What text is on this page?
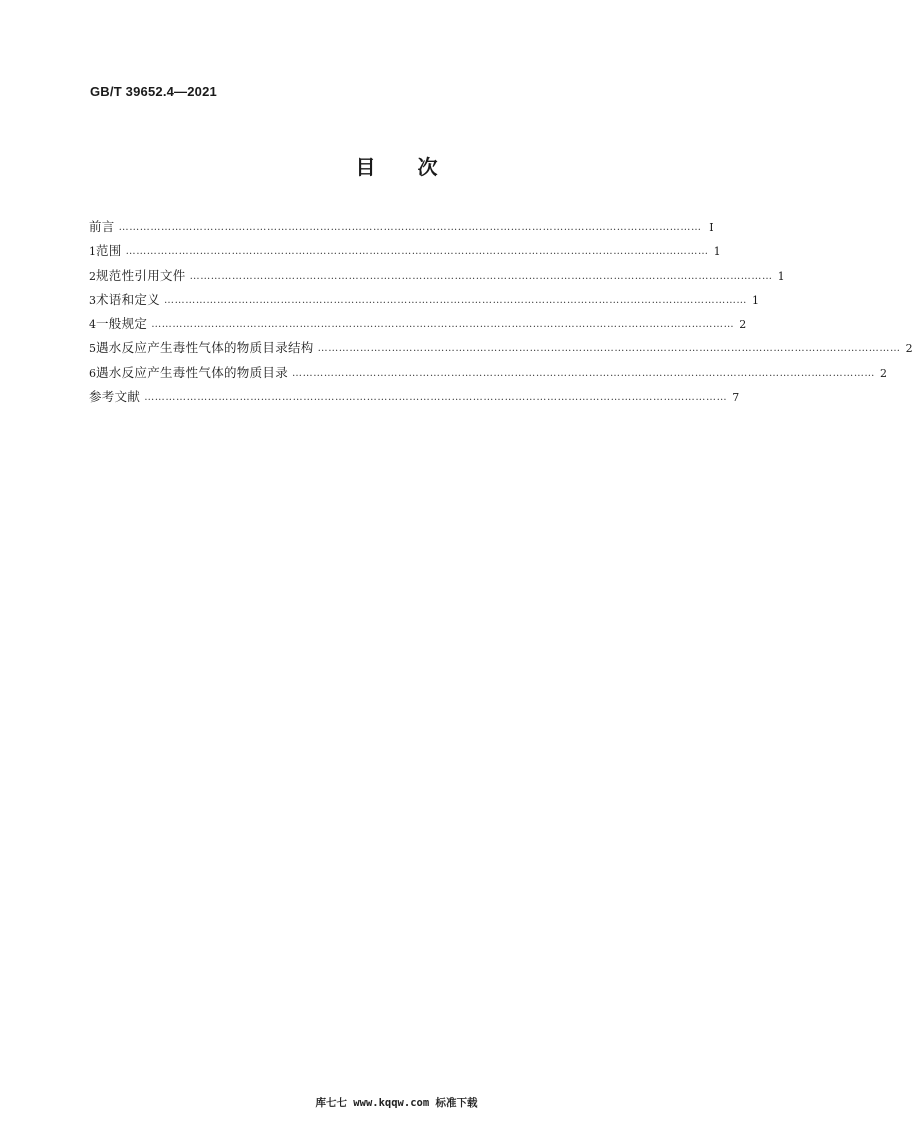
GB/T 39652.4—2021
目 次
前言 ………………………………………………………………………………………………………………………………………………… Ⅰ
1 范围 ………………………………………………………………………………………………………………………………………………… 1
2 规范性引用文件 ………………………………………………………………………………………………………………………………………………… 1
3 术语和定义 ………………………………………………………………………………………………………………………………………………… 1
4 一般规定 ………………………………………………………………………………………………………………………………………………… 2
5 遇水反应产生毒性气体的物质目录结构 ………………………………………………………………………………………………………………………………………………… 2
6 遇水反应产生毒性气体的物质目录 ………………………………………………………………………………………………………………………………………………… 2
参考文献 ………………………………………………………………………………………………………………………………………………… 7
库七七 www.kqqw.com 标准下载
